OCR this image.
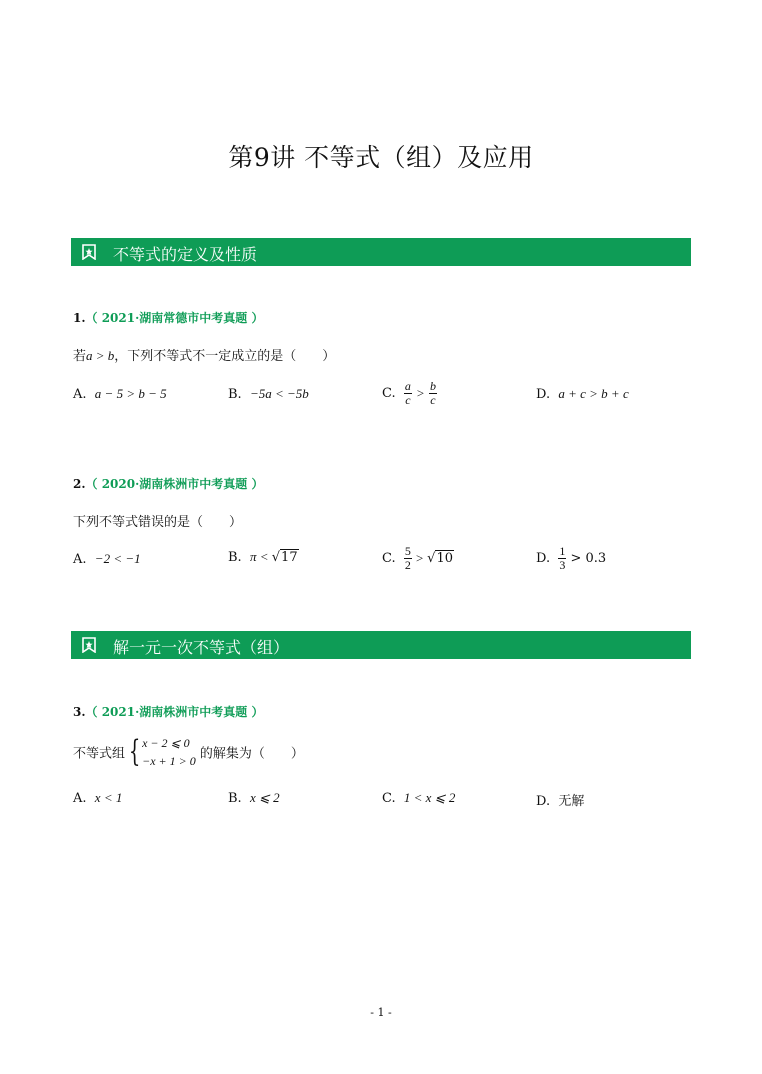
第9讲 不等式（组）及应用
不等式的定义及性质
1.（ 2021·湖南常德市中考真题 ）
若a > b，下列不等式不一定成立的是（　　）
A. a − 5 > b − 5	B. −5a < −5b	C. $\frac{a}{c} > \frac{b}{c}$	D. a + c > b + c
2.（ 2020·湖南株洲市中考真题 ）
下列不等式错误的是（　　）
A. −2 < −1	B. π < √17	C. $\frac{5}{2} > √10$	D. $\frac{1}{3} > 0.3$
解一元一次不等式（组）
3.（ 2021·湖南株洲市中考真题 ）
不等式组 { x − 2 ⩽ 0
−x + 1 > 0 的解集为（　　）
A. x < 1	B. x ⩽ 2	C. 1 < x ⩽ 2	D. 无解
- 1 -
